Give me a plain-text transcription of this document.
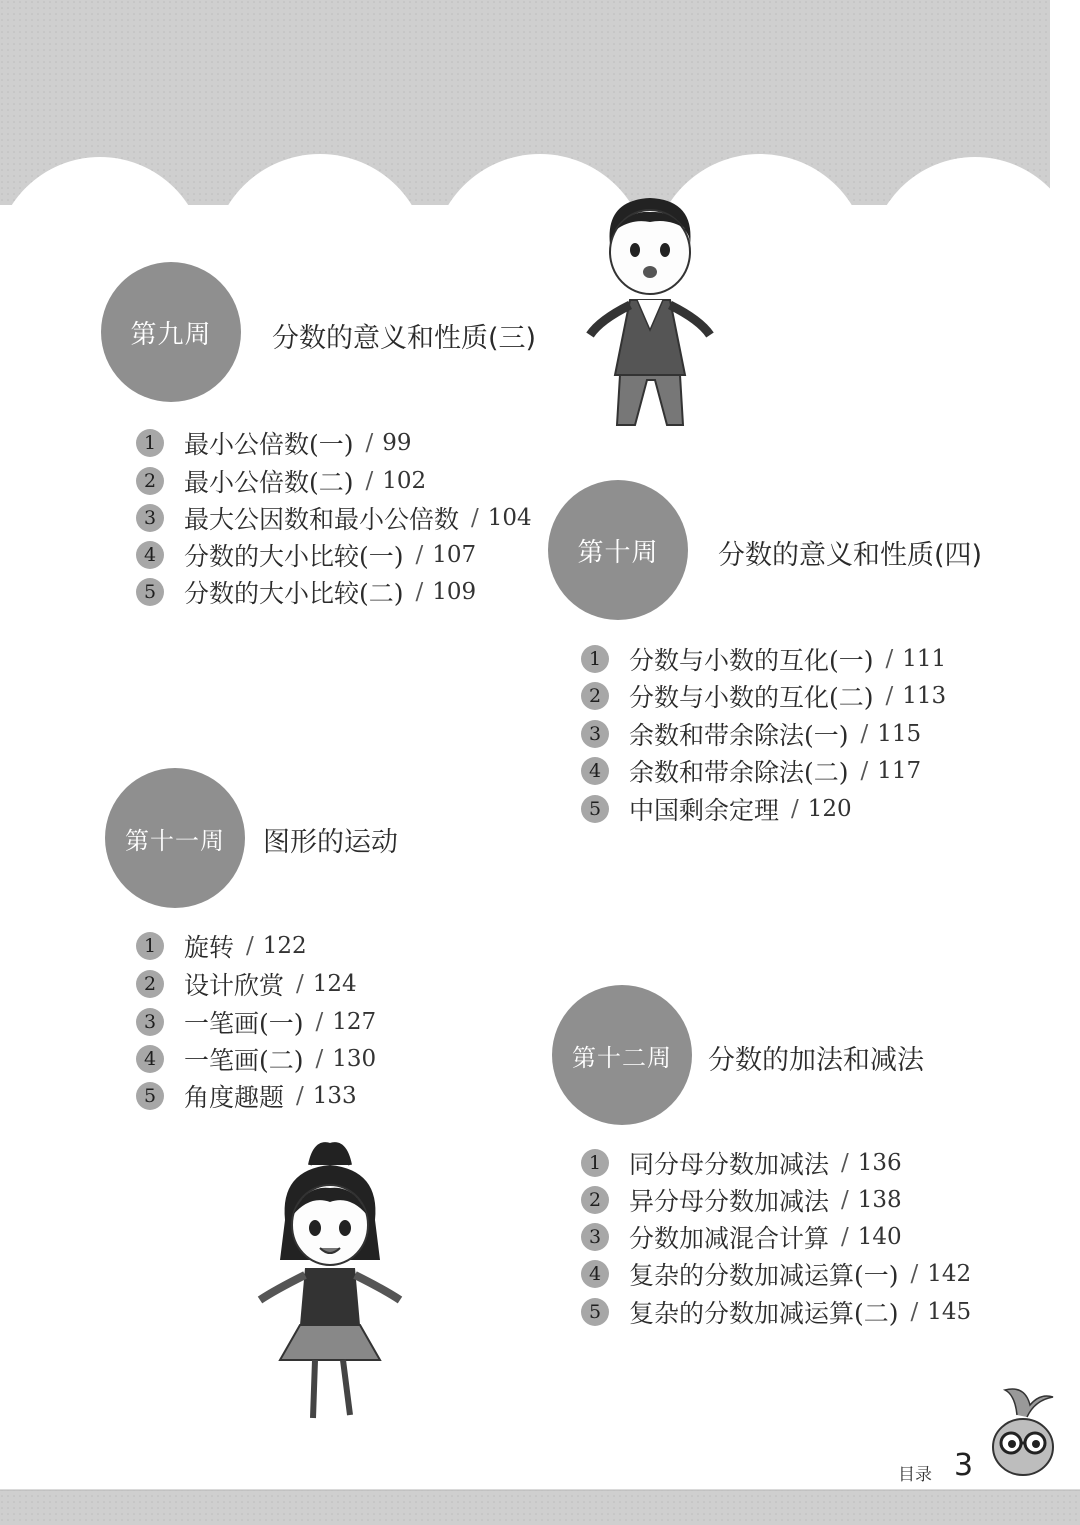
第九周	分数的意义和性质(三)
1	最小公倍数(一) / 99
2	最小公倍数(二) / 102
3	最大公因数和最小公倍数 / 104
4	分数的大小比较(一) / 107
5	分数的大小比较(二) / 109
第十周	分数的意义和性质(四)
1	分数与小数的互化(一) / 111
2	分数与小数的互化(二) / 113
3	余数和带余除法(一) / 115
4	余数和带余除法(二) / 117
5	中国剩余定理 / 120
第十一周	图形的运动
1	旋转 / 122
2	设计欣赏 / 124
3	一笔画(一) / 127
4	一笔画(二) / 130
5	角度趣题 / 133
第十二周	分数的加法和减法
1	同分母分数加减法 / 136
2	异分母分数加减法 / 138
3	分数加减混合计算 / 140
4	复杂的分数加减运算(一) / 142
5	复杂的分数加减运算(二) / 145
目录 3
